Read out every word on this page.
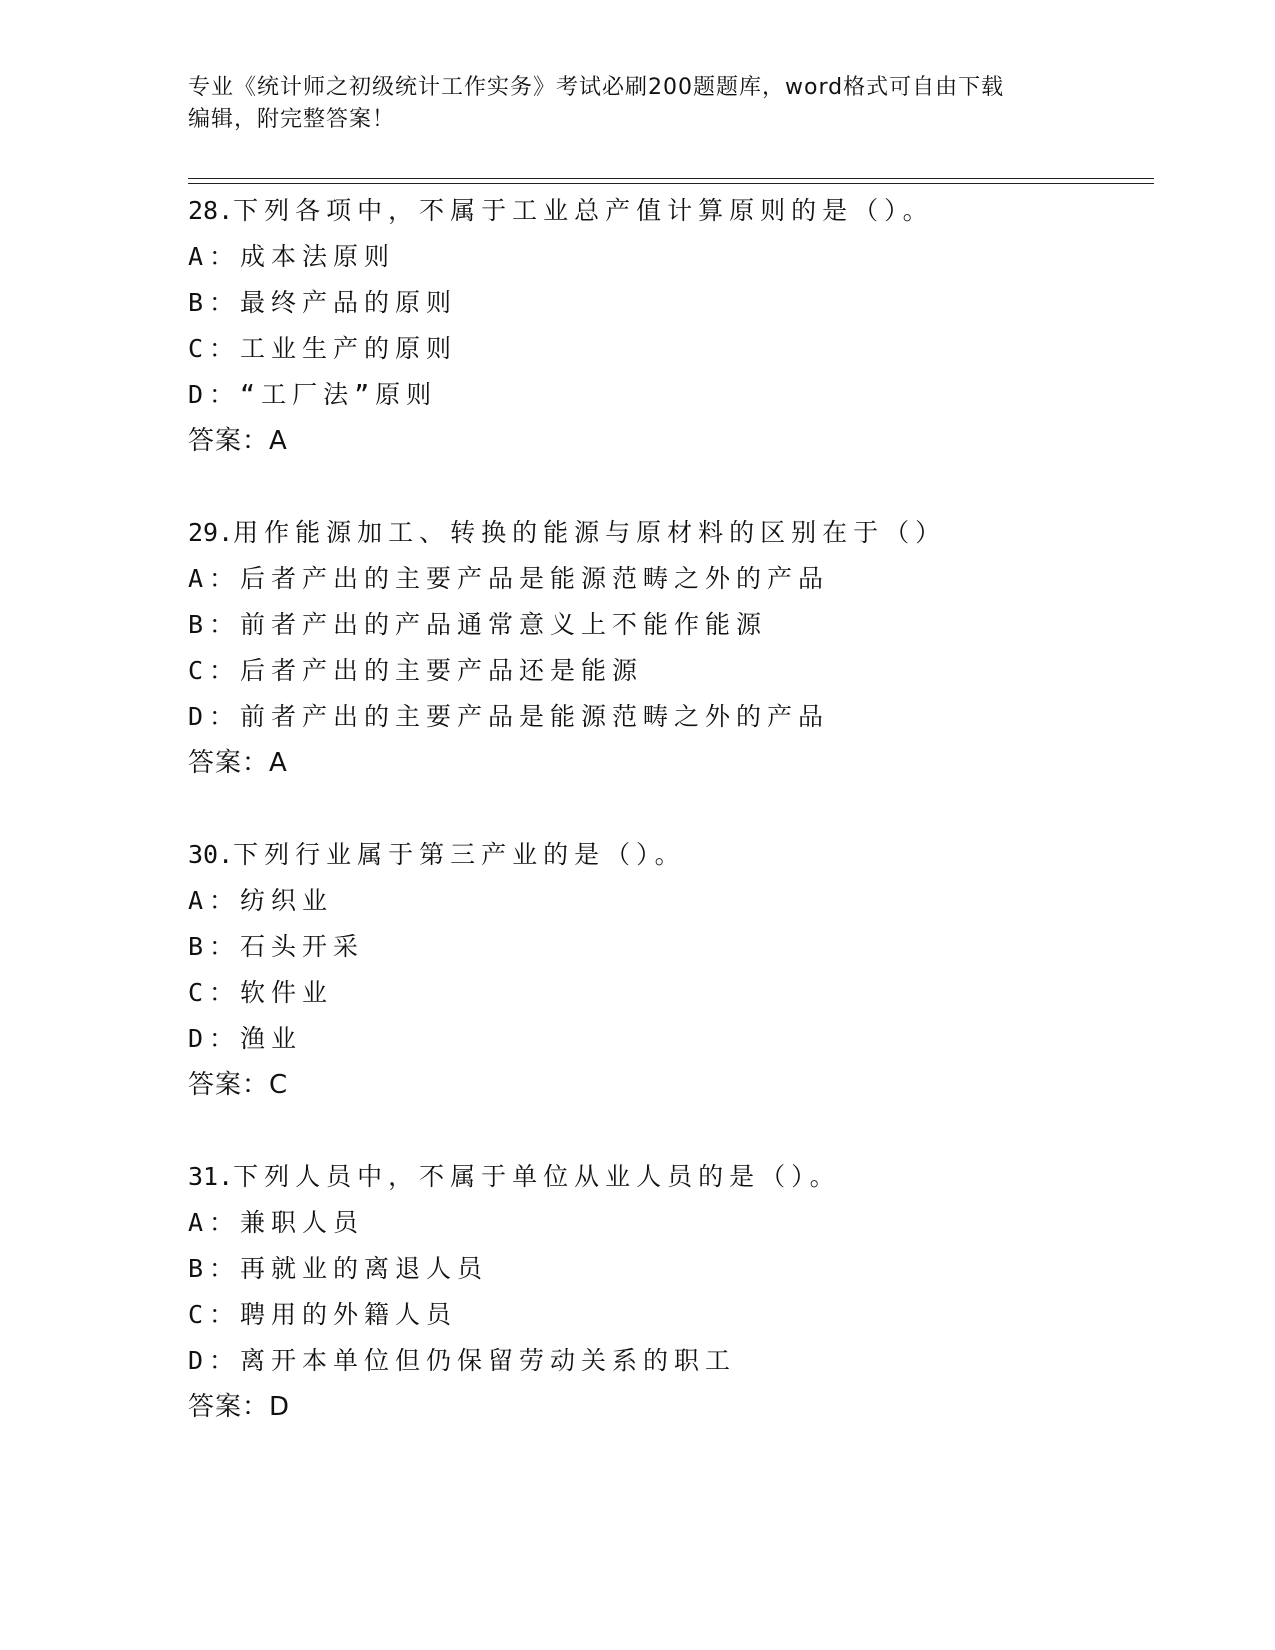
专业《统计师之初级统计工作实务》考试必刷200题题库，word格式可自由下载
编辑，附完整答案！
28.下列各项中，不属于工业总产值计算原则的是（）。
A：成本法原则
B：最终产品的原则
C：工业生产的原则
D：“工厂法”原则
答案：A
29.用作能源加工、转换的能源与原材料的区别在于（）
A：后者产出的主要产品是能源范畴之外的产品
B：前者产出的产品通常意义上不能作能源
C：后者产出的主要产品还是能源
D：前者产出的主要产品是能源范畴之外的产品
答案：A
30.下列行业属于第三产业的是（）。
A：纺织业
B：石头开采
C：软件业
D：渔业
答案：C
31.下列人员中，不属于单位从业人员的是（）。
A：兼职人员
B：再就业的离退人员
C：聘用的外籍人员
D：离开本单位但仍保留劳动关系的职工
答案：D
